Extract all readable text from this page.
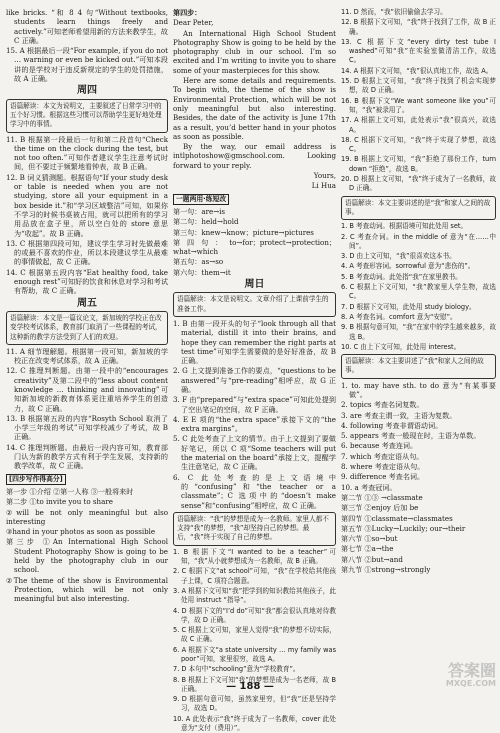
like bricks. “和 8 4 句“Without textbooks, students learn things freely and actively.”可知老师希望用新的方法来教学生，故 C 正确。

15. A 根据最后一段“For example, if you do not … warning or even be kicked out.”可知本段讲的是学校对于违反新规定的学生的处罚措施，故 A 正确。

周四
语篇解读：本文为说明文，主要叙述了日常学习中的五个好习惯。根据这些习惯可以帮助学生更好地处理学习中的事情。

11. B 根据第一段最后一句和第二段首句“Check the time on the clock during the test, but not too often.”可知作者建议学生注意考试时间，但不要过于频繁地看钟表，故 B 正确。

12. B 词义猜测题。根据语句“If your study desk or table is needed when you are not studying, store all your equipment in a box beside it.”和“学习区域整洁”可知，如果你不学习的时候书桌被占用，就可以把所有的学习用品放在盒子里，所以空白处的 store 意思为“收起”。故 B 正确。

13. C 根据第四段可知，建议学生学习时先做最难的或最不喜欢的作业，所以本段建议学生从最难的事情做起，故 C 正确。

14. C 根据第五段内容“Eat healthy food, take enough rest”可知好的饮食和休息对学习和考试有帮助，故 C 正确。

周五
语篇解读：本文是一篇议论文，新加坡的学校正在改变学校考试体系，教育部门取消了一些课程的考试，这种新的教学方法受到了人们的欢迎。

11. A 细节理解题。根据第一段可知，新加坡的学校正在改变考试体系，故 A 正确。

12. C 推理判断题。由第一段中的“encourages creativity”及第二段中的“less about content knowledge … thinking and innovating”可知新加坡的新教育体系更注重培养学生的创造力，故 C 正确。

13. B 根据第五段的内容“Rosyth School 取消了小学三年级的考试”可知学校减少了考试，故 B 正确。

14. C 推理判断题。由最后一段内容可知，教育部门认为新的教学方式有利于学生发展，支持新的教学改革，故 C 正确。

[四步写作得高分]

第一步 ①介绍 ②第一人称 ③一般将来时

第二步 ①to invite you to share

②will be not only meaningful but also interesting

③hand in your photos as soon as possible

第三步 ①An International High School Student Photography Show is going to be held by the photography club in our school.

②The theme of the show is Environmental Protection, which will be not only meaningful but also interesting.

第四步：

Dear Peter,

An International High School Student Photography Show is going to be held by the photography club in our school. I’m so excited and I’m writing to invite you to share some of your masterpieces for this show.

Here are some details and requirements. To begin with, the theme of the show is Environmental Protection, which will be not only meaningful but also interesting. Besides, the date of the activity is June 17th as a result, you’d better hand in your photos as soon as possible.

By the way, our email address is intlphotoshow@gmschool.com. Looking forward to your reply.

Yours,

Li Hua

一题两用·练短改

第一句：are→is

第二句：held→hold

第三句：knew→know；picture→pictures

第四句：to→for；protect→protection；what→which

第五句：as→so

第六句：them→it

周日
语篇解读：本文是说明文。文章介绍了上课前学生的准备工作。

1. B 由第一段开头的句子“look through all that material, distill it into their brains, and hope they can remember the right parts at test time”可知学生需要做的是好好准备，故 B 正确。

2. G 上文提到准备工作的要点，“questions to be answered”与“pre-reading”相呼应，故 G 正确。

3. F 由“prepared”与“extra space”可知此处提到了空出笔记的空间，故 F 正确。

4. E E 项的“the extra space”承接下文的“the extra margins”。

5. C 此处考查了上文的情节。由于上文提到了要做好笔记，所以 C 项“Some teachers will put the material on the board”承接上文，提醒学生注意笔记，故 C 正确。

6. C 此处考查的是上文语境中的“confusing”和“the teacher or a classmate”；C 选项中的“doesn’t make sense”和“confusing”相呼应，故 C 正确。

语篇解读：“我”的梦想是成为一名教师。家里人都不支持“我”的梦想，“我”却坚持自己的梦想。最后，“我”终于实现了自己的梦想。

1. B 根据下文“I wanted to be a teacher”可知，“我”从小就梦想成为一名教师，故 B 正确。

2. C 根据下文“at school”可知，“我”在学校给其他孩子上课，C 项符合题意。

3. A 根据下文可知“我”把学到的知识教给其他孩子，此处用 instruct “指导”。

4. D 根据下文的“I’d do”可知“我”都会很认真地对待教学，故 D 正确。

5. C 根据上文可知，家里人觉得“我”的梦想不切实际，故 C 正确。

6. A 根据下文“a state university … my family was poor”可知，家里很穷，故选 A。

7. D 本句中“schooling”意为“学校教育”。

8. B 根据上下文可知“我”的梦想是成为一名老师，故 B 正确。

9. D 根据句意可知，虽然家里穷，但“我”还是坚持学习，故选 D。

10. A 此处表示“我”终于成为了一名教师，cover 此处意为“支付（费用）”。

11. D 然而，“我”依旧偷偷去学习。

12. B 根据下文可知，“我”终于找到了工作，故 B 正确。

13. C 根据下文“every dirty test tube I washed”可知“我”在实验室做清洁工作，故选 C。

14. A 根据下文可知，“我”很认真地工作，故选 A。

15. D 根据上文可知，“我”终于找到了机会实现梦想，故 D 正确。

16. B 根据下文“We want someone like you”可知，“我”被录用了。

17. A 根据上文可知，此处表示“我”很高兴，故选 A。

18. C 根据下文可知，“我”终于实现了梦想，故选 C。

19. B 根据上文可知，“我”拒绝了那份工作，turn down “拒绝”，故选 B。

20. D 根据上文可知，“我”终于成为了一名教师，故 D 正确。

语篇解读：本文主要讲述的是“我”和家人之间的故事。

1. B 考查动词。根据语境可知此处用 set。

2. C 考查介词。in the middle of 意为“在……中间”。

3. D 由上文可知，“我”很喜欢这本书。

4. A 考查形容词。sorrowful 意为“悲伤的”。

5. B 考查动词。此处指“我”在家里教书。

6. C 根据上下文可知，“我”教家里人学生物，故选 C。

7. D 根据下文可知，此处用 study biology。

8. A 考查名词。comfort 意为“安慰”。

9. B 根据句意可知，“我”在家中的学生越来越多，故选 B。

10. C 由上下文可知，此处用 interest。

语篇解读：本文主要讲述了“我”和家人之间的故事。

1. to. may have sth. to do 意为“有某事要做”。

2. topics 考查名词复数。

3. are 考查主谓一致，主语为复数。

4. following 考查非谓语动词。

5. appears 考查一般现在时，主语为单数。

6. because 考查连词。

7. which 考查定语从句。

8. where 考查定语从句。

9. difference 考查名词。

10. a 考查冠词。

第二节 ①③ →classmate

第三节 ②enjoy 后加 be

第四节 ①classmate→classmates

第五节 ③Lucky→Luckily; our→their

第六节 ①so→but

第七节 ②a→the

第八节 ②but→and

第九节 ①strong→strongly

— 188 —
答案圈
MXQE.COM
